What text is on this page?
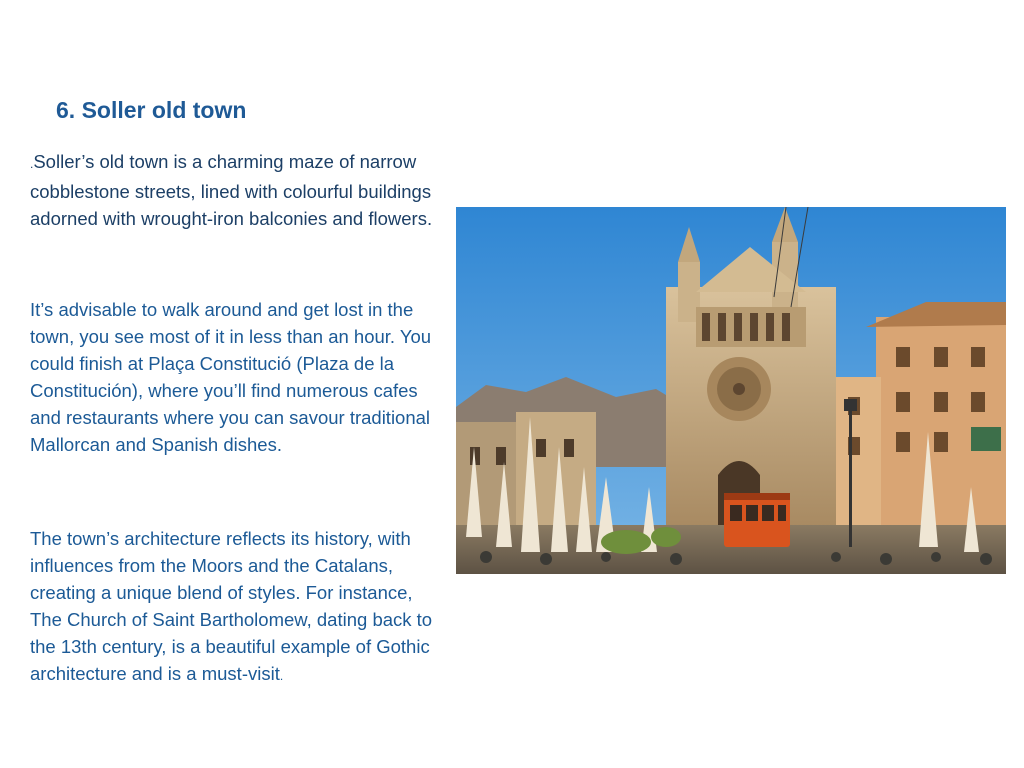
6. Soller old town

.Soller’s old town is a charming maze of narrow cobblestone streets, lined with colourful buildings adorned with wrought-iron balconies and flowers.

It’s advisable to walk around and get lost in the town, you see most of it in less than an hour. You could finish at Plaça Constitució (Plaza de la Constitución), where you’ll find numerous cafes and restaurants where you can savour traditional Mallorcan and Spanish dishes.

The town’s architecture reflects its history, with influences from the Moors and the Catalans, creating a unique blend of styles. For instance, The Church of Saint Bartholomew, dating back to the 13th century, is a beautiful example of Gothic architecture and is a must-visit.
